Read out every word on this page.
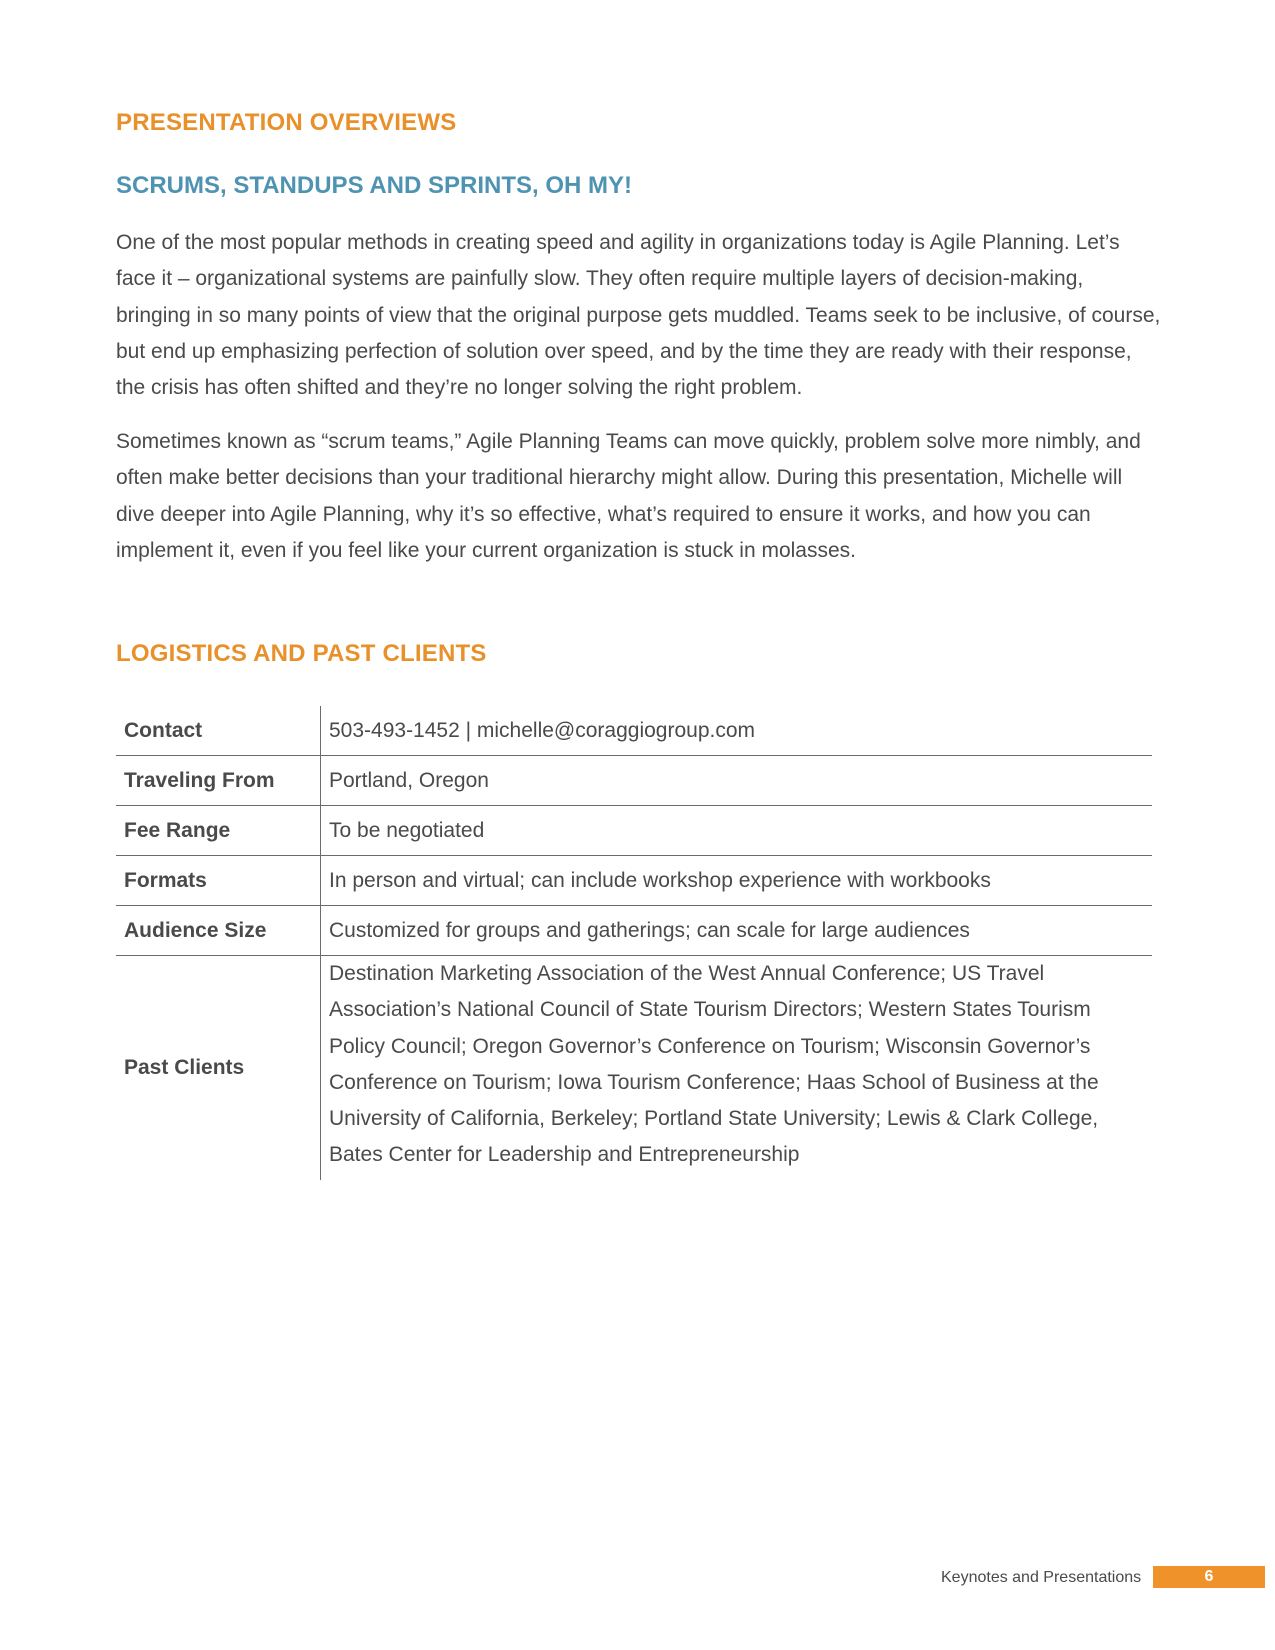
PRESENTATION OVERVIEWS
SCRUMS, STANDUPS AND SPRINTS, OH MY!

One of the most popular methods in creating speed and agility in organizations today is Agile Planning. Let’s face it – organizational systems are painfully slow. They often require multiple layers of decision-making, bringing in so many points of view that the original purpose gets muddled. Teams seek to be inclusive, of course, but end up emphasizing perfection of solution over speed, and by the time they are ready with their response, the crisis has often shifted and they’re no longer solving the right problem.

Sometimes known as “scrum teams,” Agile Planning Teams can move quickly, problem solve more nimbly, and often make better decisions than your traditional hierarchy might allow. During this presentation, Michelle will dive deeper into Agile Planning, why it’s so effective, what’s required to ensure it works, and how you can implement it, even if you feel like your current organization is stuck in molasses.

LOGISTICS AND PAST CLIENTS
Contact	503-493-1452 | michelle@coraggiogroup.com
Traveling From	Portland, Oregon
Fee Range	To be negotiated
Formats	In person and virtual; can include workshop experience with workbooks
Audience Size	Customized for groups and gatherings; can scale for large audiences
Past Clients	Destination Marketing Association of the West Annual Conference; US Travel Association’s National Council of State Tourism Directors; Western States Tourism Policy Council; Oregon Governor’s Conference on Tourism; Wisconsin Governor’s Conference on Tourism; Iowa Tourism Conference; Haas School of Business at the University of California, Berkeley; Portland State University; Lewis & Clark College, Bates Center for Leadership and Entrepreneurship
Keynotes and Presentations	6
